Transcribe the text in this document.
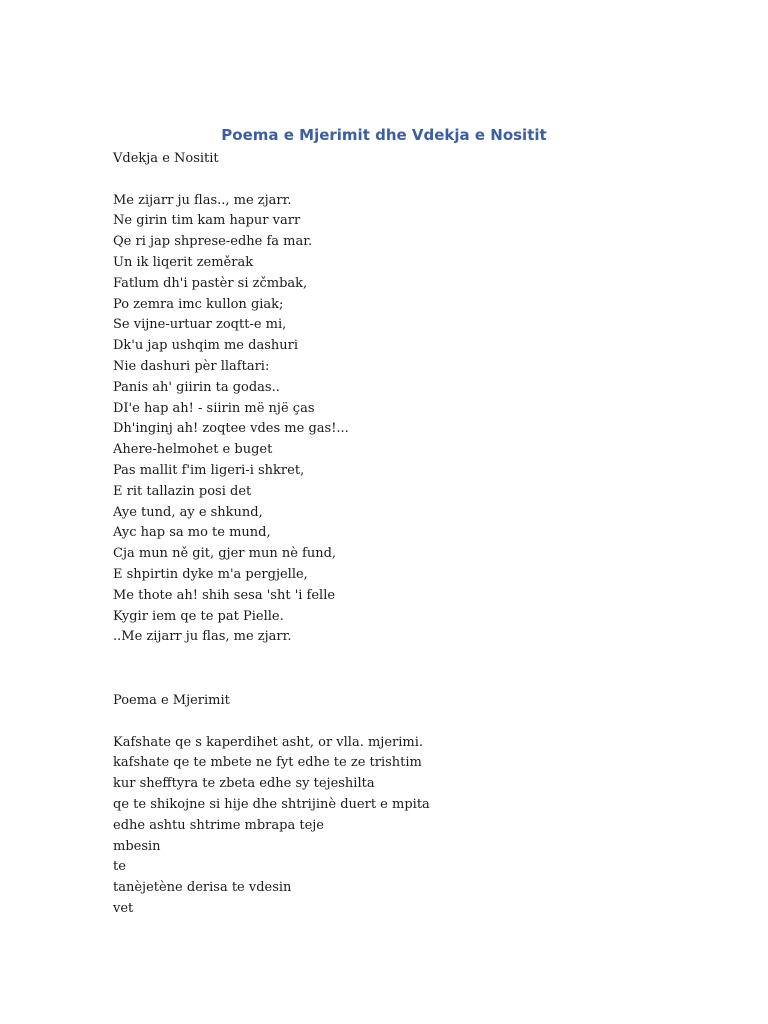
Poema e Mjerimit dhe Vdekja e Nositit
Vdekja e Nositit
Me zijarr ju flas.., me zjarr.
Ne girin tim kam hapur varr
Qe ri jap shprese-edhe fa mar.
Un ik liqerit zeměrak
Fatlum dh'i pastèr si zčmbak,
Po zemra imc kullon giak;
Se vijne-urtuar zoqtt-e mi,
Dk'u jap ushqim me dashuri
Nie dashuri pèr llaftari:
Panis ah' giirin ta godas..
DI'e hap ah! - siirin më një ças
Dh'inginj ah! zoqtee vdes me gas!...
Ahere-helmohet e buget
Pas mallit f'im ligeri-i shkret,
E rit tallazin posi det
Aye tund, ay e shkund,
Ayc hap sa mo te mund,
Cja mun ně git, gjer mun nè fund,
E shpirtin dyke m'a pergjelle,
Me thote ah! shih sesa 'sht 'i felle
Kygir iem qe te pat Pielle.
..Me zijarr ju flas, me zjarr.
Poema e Mjerimit
Kafshate qe s kaperdihet asht, or vlla. mjerimi.
kafshate qe te mbete ne fyt edhe te ze trishtim
kur shefftyra te zbeta edhe sy tejeshilta
qe te shikojne si hije dhe shtrijinè duert e mpita
edhe ashtu shtrime mbrapa teje
mbesin
te
tanèjetène derisa te vdesin
vet
